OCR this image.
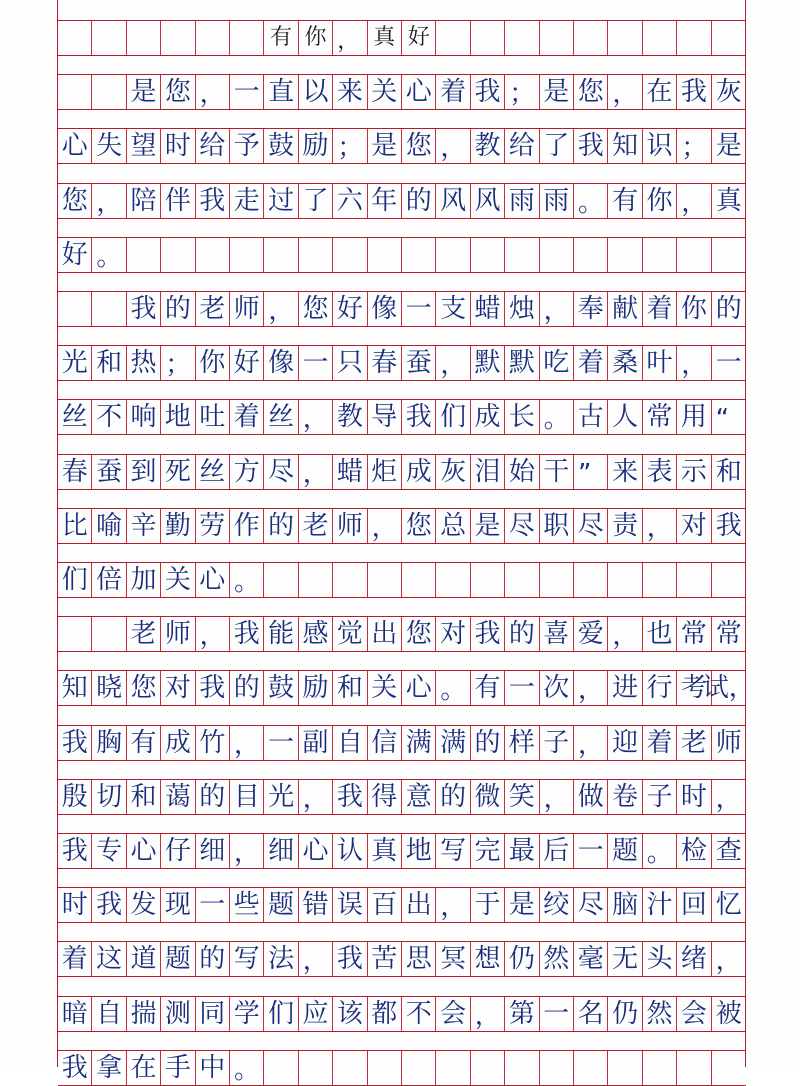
有 你 ， 真 好
是 您 ， 一 直 以 来 关 心 着 我 ； 是 您 ， 在 我 灰
心 失 望 时 给 予 鼓 励 ； 是 您 ， 教 给 了 我 知 识 ； 是
您 ， 陪 伴 我 走 过 了 六 年 的 风 风 雨 雨 。 有 你 ， 真
好 。
我 的 老 师 ， 您 好 像 一 支 蜡 烛 ， 奉 献 着 你 的
光 和 热 ； 你 好 像 一 只 春 蚕 ， 默 默 吃 着 桑 叶 ， 一
丝 不 响 地 吐 着 丝 ， 教 导 我 们 成 长 。 古 人 常 用 “
春 蚕 到 死 丝 方 尽 ， 蜡 炬 成 灰 泪 始 干 ” 来 表 示 和
比 喻 辛 勤 劳 作 的 老 师 ， 您 总 是 尽 职 尽 责 ， 对 我
们 倍 加 关 心 。
老 师 ， 我 能 感 觉 出 您 对 我 的 喜 爱 ， 也 常 常
知 晓 您 对 我 的 鼓 励 和 关 心 。 有 一 次 ， 进 行 考
试，
我 胸 有 成 竹 ， 一 副 自 信 满 满 的 样 子 ， 迎 着 老 师
殷 切 和 蔼 的 目 光 ， 我 得 意 的 微 笑 ， 做 卷 子 时 ，
我 专 心 仔 细 ， 细 心 认 真 地 写 完 最 后 一 题 。 检 查
时 我 发 现 一 些 题 错 误 百 出 ， 于 是 绞 尽 脑 汁 回 忆
着 这 道 题 的 写 法 ， 我 苦 思 冥 想 仍 然 毫 无 头 绪 ，
暗 自 揣 测 同 学 们 应 该 都 不 会 ， 第 一 名 仍 然 会 被
我 拿 在 手 中 。
